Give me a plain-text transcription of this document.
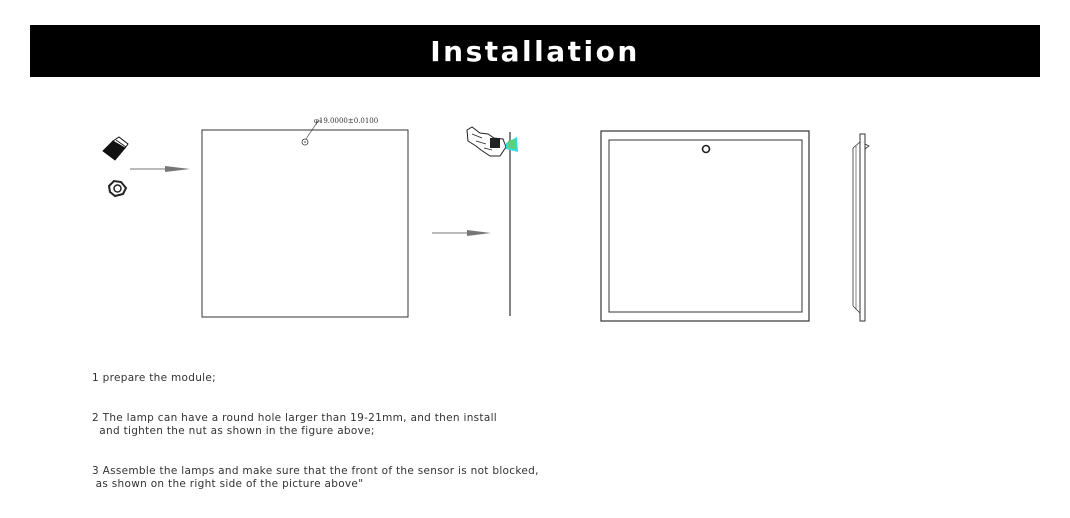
Installation
φ19.0000±0.0100

1 prepare the module;

2 The lamp can have a round hole larger than 19-21mm, and then install

and tighten the nut as shown in the figure above;

3 Assemble the lamps and make sure that the front of the sensor is not blocked,

as shown on the right side of the picture above"
